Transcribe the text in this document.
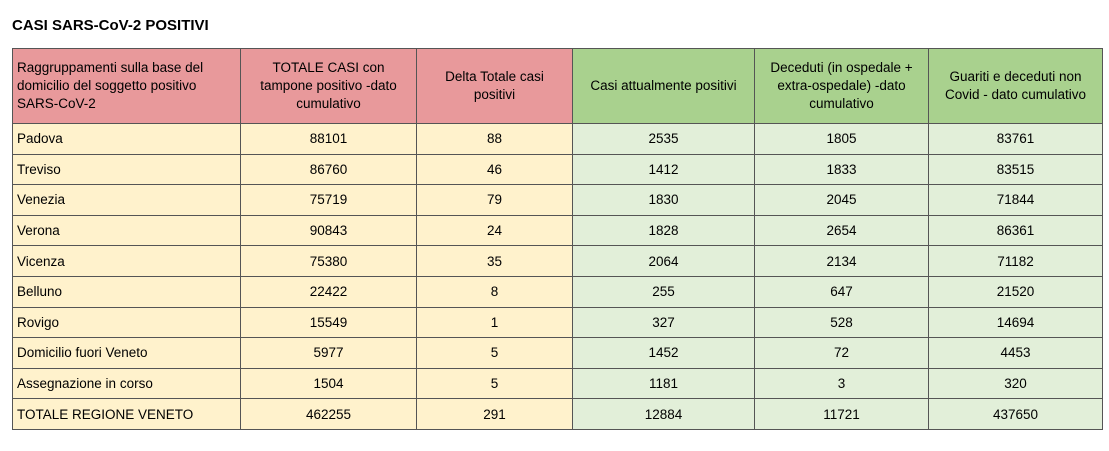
CASI SARS-CoV-2 POSITIVI
Raggruppamenti sulla base del domicilio del soggetto positivo SARS-CoV-2	TOTALE CASI con tampone positivo -dato cumulativo	Delta Totale casi positivi	Casi attualmente positivi	Deceduti (in ospedale + extra-ospedale) -dato cumulativo	Guariti e deceduti non Covid - dato cumulativo
Padova	88101	88	2535	1805	83761
Treviso	86760	46	1412	1833	83515
Venezia	75719	79	1830	2045	71844
Verona	90843	24	1828	2654	86361
Vicenza	75380	35	2064	2134	71182
Belluno	22422	8	255	647	21520
Rovigo	15549	1	327	528	14694
Domicilio fuori Veneto	5977	5	1452	72	4453
Assegnazione in corso	1504	5	1181	3	320
TOTALE REGIONE VENETO	462255	291	12884	11721	437650
